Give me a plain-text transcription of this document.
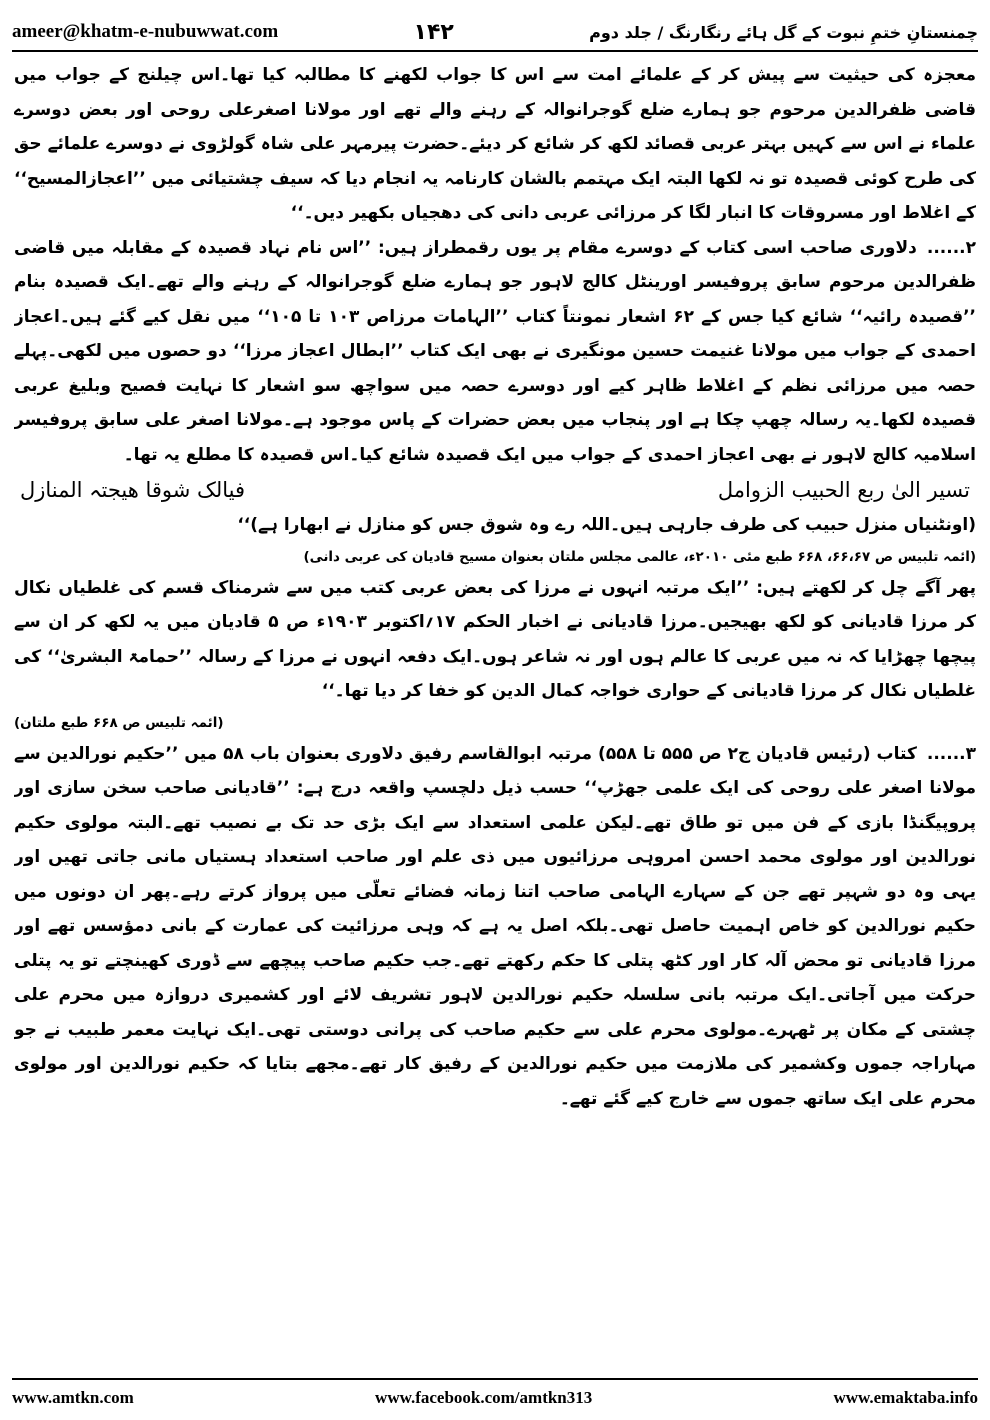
ameer@khatm-e-nubuwwat.com	۱۴۲	چمنستانِ ختمِ نبوت کے گل ہائے رنگارنگ / جلد دوم

معجزہ کی حیثیت سے پیش کر کے علمائے امت سے اس کا جواب لکھنے کا مطالبہ کیا تھا۔اس چیلنج کے جواب میں قاضی ظفرالدین مرحوم جو ہمارے ضلع گوجرانوالہ کے رہنے والے تھے اور مولانا اصغرعلی روحی اور بعض دوسرے علماء نے اس سے کہیں بہتر عربی قصائد لکھ کر شائع کر دیئے۔حضرت پیرمہر علی شاہ گولڑوی نے دوسرے علمائے حق کی طرح کوئی قصیدہ تو نہ لکھا البتہ ایک مہتمم بالشان کارنامہ یہ انجام دیا کہ سیف چشتیائی میں ’’اعجازالمسیح‘‘ کے اغلاط اور مسروقات کا انبار لگا کر مرزائی عربی دانی کی دھجیاں بکھیر دیں۔‘‘

۲......دلاوری صاحب اسی کتاب کے دوسرے مقام پر یوں رقمطراز ہیں: ’’اس نام نہاد قصیدہ کے مقابلہ میں قاضی ظفرالدین مرحوم سابق پروفیسر اورینٹل کالج لاہور جو ہمارے ضلع گوجرانوالہ کے رہنے والے تھے۔ایک قصیدہ بنام ’’قصیدہ رائیہ‘‘ شائع کیا جس کے ۶۲ اشعار نمونتاً کتاب ’’الہامات مرزاص ۱۰۳ تا ۱۰۵‘‘ میں نقل کیے گئے ہیں۔اعجاز احمدی کے جواب میں مولانا غنیمت حسین مونگیری نے بھی ایک کتاب ’’ابطال اعجاز مرزا‘‘ دو حصوں میں لکھی۔پہلے حصہ میں مرزائی نظم کے اغلاط ظاہر کیے اور دوسرے حصہ میں سواچھ سو اشعار کا نہایت فصیح وبلیغ عربی قصیدہ لکھا۔یہ رسالہ چھپ چکا ہے اور پنجاب میں بعض حضرات کے پاس موجود ہے۔مولانا اصغر علی سابق پروفیسر اسلامیہ کالج لاہور نے بھی اعجاز احمدی کے جواب میں ایک قصیدہ شائع کیا۔اس قصیدہ کا مطلع یہ تھا۔

تسیر الیٰ ربع الحبیب الزوامل
فیالک شوقا ھیجتہ المنازل

(اونٹنیاں منزل حبیب کی طرف جارہی ہیں۔اللہ رے وہ شوق جس کو منازل نے ابھارا ہے)‘‘

(ائمہ تلبیس ص ۶۶،۶۷، ۶۶۸ طبع مئی ۲۰۱۰ء، عالمی مجلس ملتان بعنوان مسیح قادیان کی عربی دانی)

پھر آگے چل کر لکھتے ہیں: ’’ایک مرتبہ انہوں نے مرزا کی بعض عربی کتب میں سے شرمناک قسم کی غلطیاں نکال کر مرزا قادیانی کو لکھ بھیجیں۔مرزا قادیانی نے اخبار الحکم ۱۷؍اکتوبر ۱۹۰۳ء ص ۵ قادیان میں یہ لکھ کر ان سے پیچھا چھڑایا کہ نہ میں عربی کا عالم ہوں اور نہ شاعر ہوں۔ایک دفعہ انہوں نے مرزا کے رسالہ ’’حمامۃ البشریٰ‘‘ کی غلطیاں نکال کر مرزا قادیانی کے حواری خواجہ کمال الدین کو خفا کر دیا تھا۔‘‘

(ائمہ تلبیس ص ۶۶۸ طبع ملتان)

۳......کتاب (رئیس قادیان ج۲ ص ۵۵۵ تا ۵۵۸) مرتبہ ابوالقاسم رفیق دلاوری بعنوان باب ۵۸ میں ’’حکیم نورالدین سے مولانا اصغر علی روحی کی ایک علمی جھڑپ‘‘ حسب ذیل دلچسپ واقعہ درج ہے: ’’قادیانی صاحب سخن سازی اور پروپیگنڈا بازی کے فن میں تو طاق تھے۔لیکن علمی استعداد سے ایک بڑی حد تک بے نصیب تھے۔البتہ مولوی حکیم نورالدین اور مولوی محمد احسن امروہی مرزائیوں میں ذی علم اور صاحب استعداد ہستیاں مانی جاتی تھیں اور یہی وہ دو شہپر تھے جن کے سہارے الہامی صاحب اتنا زمانہ فضائے تعلّی میں پرواز کرتے رہے۔پھر ان دونوں میں حکیم نورالدین کو خاص اہمیت حاصل تھی۔بلکہ اصل یہ ہے کہ وہی مرزائیت کی عمارت کے بانی دمؤسس تھے اور مرزا قادیانی تو محض آلہ کار اور کٹھ پتلی کا حکم رکھتے تھے۔جب حکیم صاحب پیچھے سے ڈوری کھینچتے تو یہ پتلی حرکت میں آجاتی۔ایک مرتبہ بانی سلسلہ حکیم نورالدین لاہور تشریف لائے اور کشمیری دروازہ میں محرم علی چشتی کے مکان پر ٹھہرے۔مولوی محرم علی سے حکیم صاحب کی پرانی دوستی تھی۔ایک نہایت معمر طبیب نے جو مہاراجہ جموں وکشمیر کی ملازمت میں حکیم نورالدین کے رفیق کار تھے۔مجھے بتایا کہ حکیم نورالدین اور مولوی محرم علی ایک ساتھ جموں سے خارج کیے گئے تھے۔

www.amtkn.com	www.facebook.com/amtkn313	www.emaktaba.info
